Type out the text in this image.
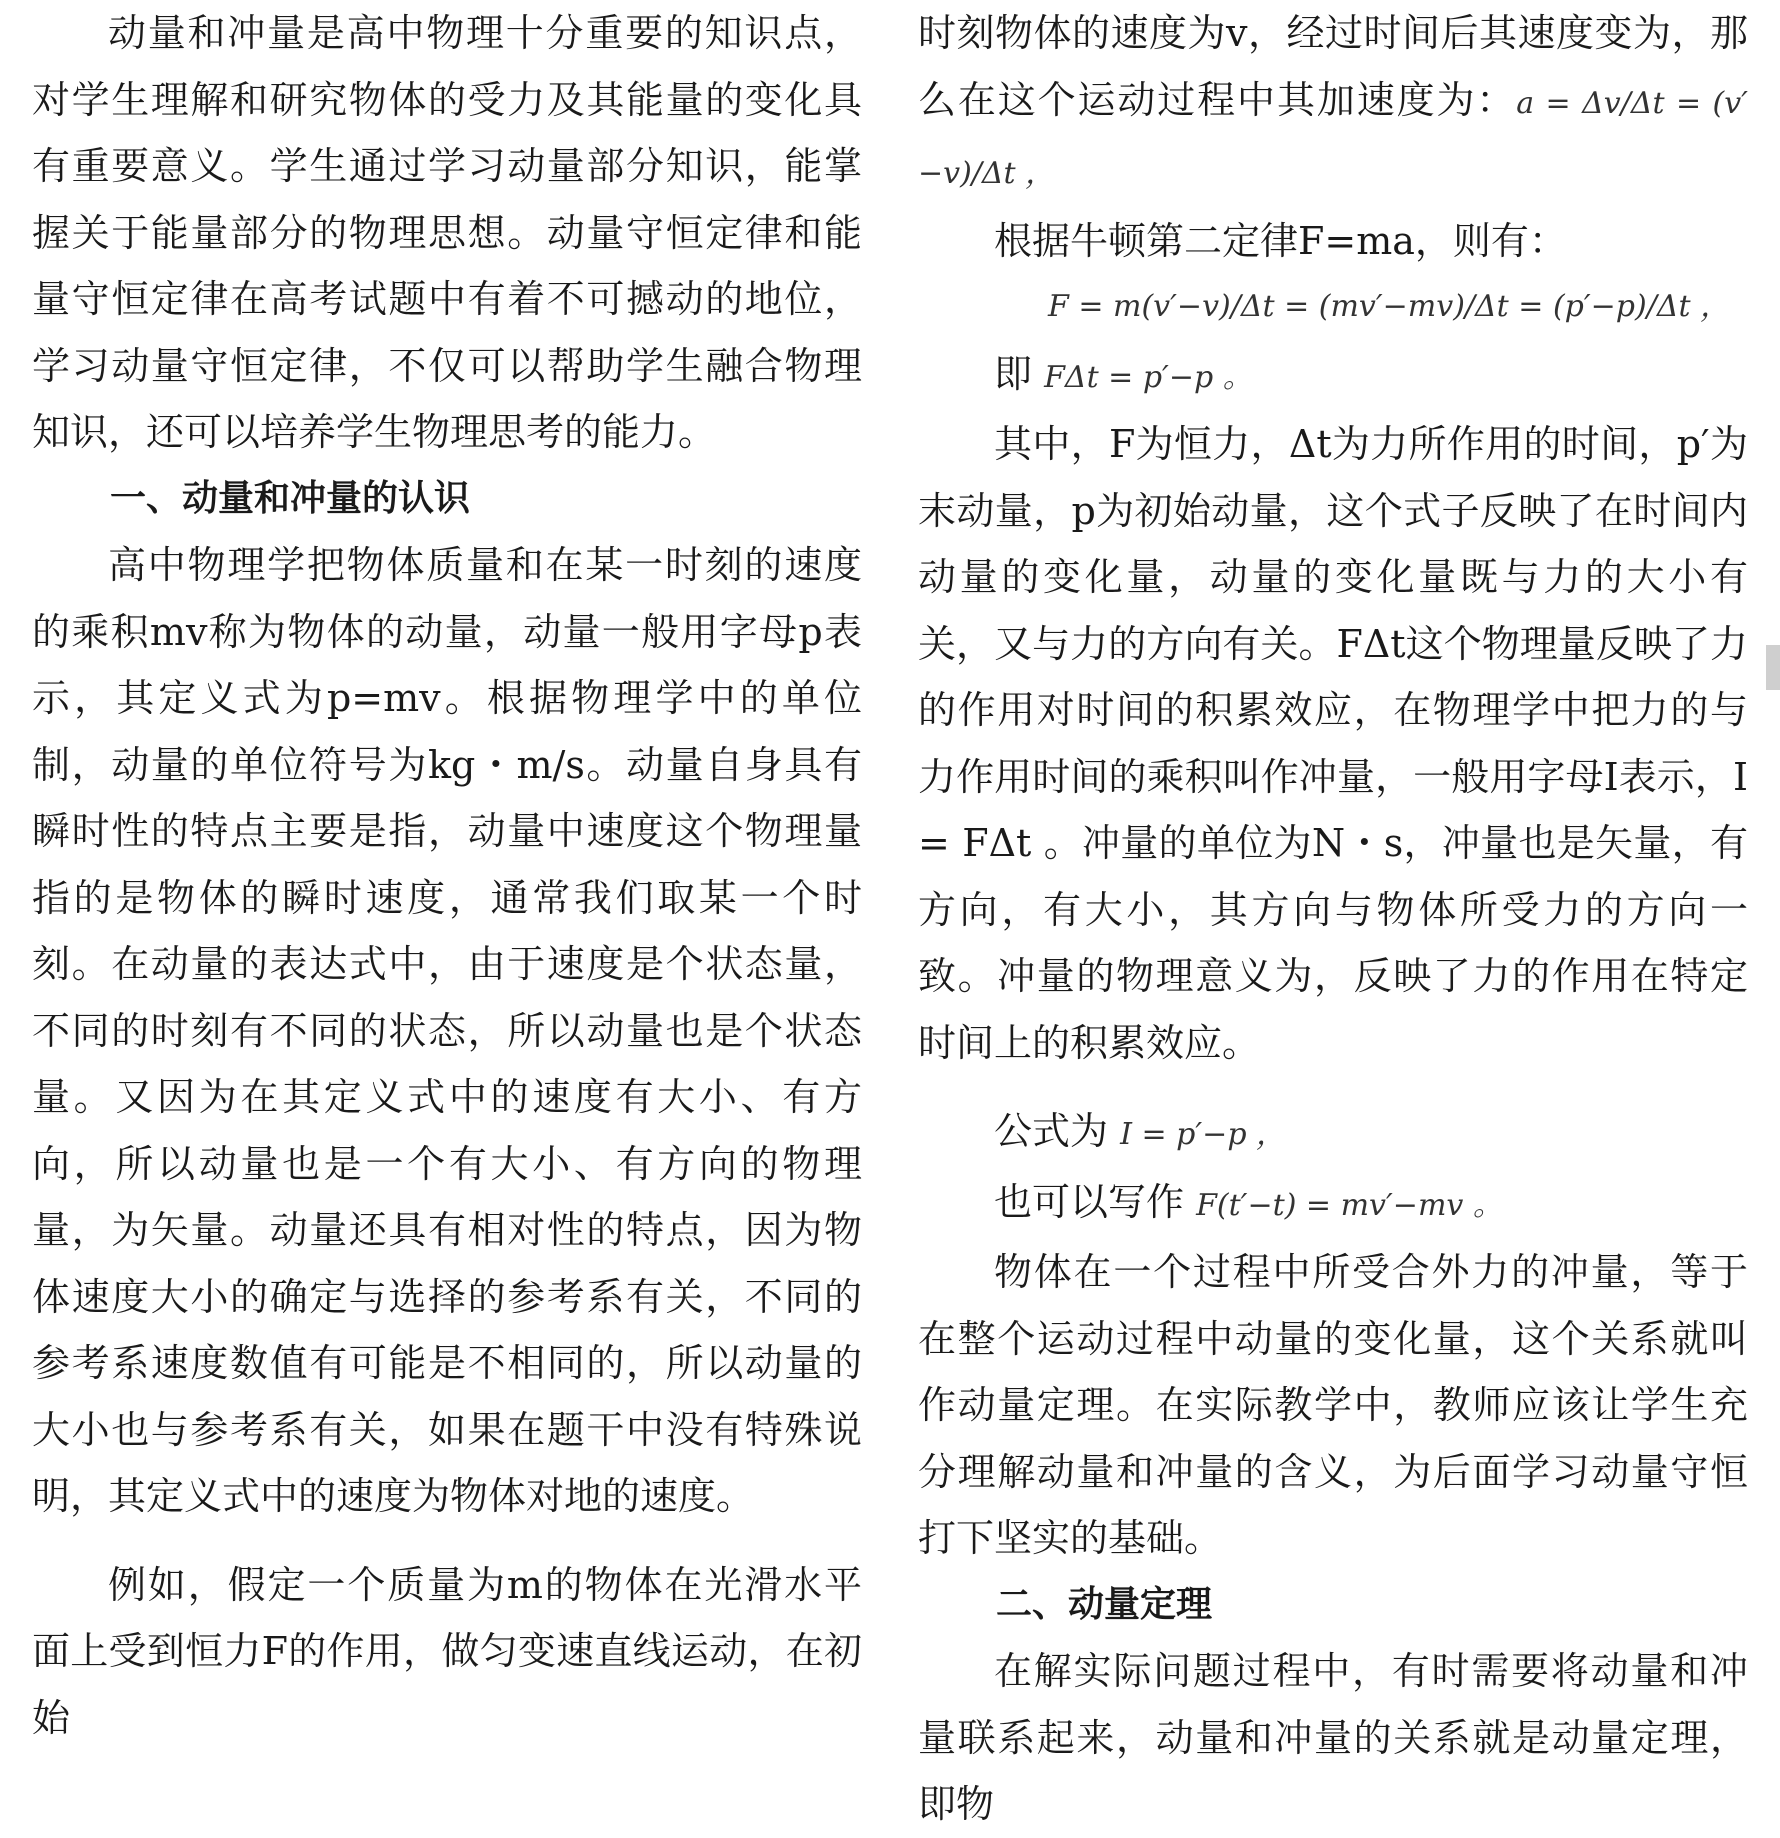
动量和冲量是高中物理十分重要的知识点，对学生理解和研究物体的受力及其能量的变化具有重要意义。学生通过学习动量部分知识，能掌握关于能量部分的物理思想。动量守恒定律和能量守恒定律在高考试题中有着不可撼动的地位，学习动量守恒定律，不仅可以帮助学生融合物理知识，还可以培养学生物理思考的能力。

一、动量和冲量的认识

高中物理学把物体质量和在某一时刻的速度的乘积mv称为物体的动量，动量一般用字母p表示，其定义式为p=mv。根据物理学中的单位制，动量的单位符号为kg・m/s。动量自身具有瞬时性的特点主要是指，动量中速度这个物理量指的是物体的瞬时速度，通常我们取某一个时刻。在动量的表达式中，由于速度是个状态量，不同的时刻有不同的状态，所以动量也是个状态量。又因为在其定义式中的速度有大小、有方向，所以动量也是一个有大小、有方向的物理量，为矢量。动量还具有相对性的特点，因为物体速度大小的确定与选择的参考系有关，不同的参考系速度数值有可能是不相同的，所以动量的大小也与参考系有关，如果在题干中没有特殊说明，其定义式中的速度为物体对地的速度。

例如，假定一个质量为m的物体在光滑水平面上受到恒力F的作用，做匀变速直线运动，在初始

时刻物体的速度为v，经过时间后其速度变为，那么在这个运动过程中其加速度为：a = Δv/Δt = (v′−v)/Δt ，

根据牛顿第二定律F=ma，则有：

F = m(v′−v)/Δt = (mv′−mv)/Δt = (p′−p)/Δt ，

即 FΔt = p′−p 。

其中，F为恒力，Δt为力所作用的时间，p′为末动量，p为初始动量，这个式子反映了在时间内动量的变化量，动量的变化量既与力的大小有关，又与力的方向有关。FΔt这个物理量反映了力的作用对时间的积累效应，在物理学中把力的与力作用时间的乘积叫作冲量，一般用字母I表示，I = FΔt 。冲量的单位为N・s，冲量也是矢量，有方向，有大小，其方向与物体所受力的方向一致。冲量的物理意义为，反映了力的作用在特定时间上的积累效应。

公式为 I = p′−p ，

也可以写作 F(t′−t) = mv′−mv 。

物体在一个过程中所受合外力的冲量，等于在整个运动过程中动量的变化量，这个关系就叫作动量定理。在实际教学中，教师应该让学生充分理解动量和冲量的含义，为后面学习动量守恒打下坚实的基础。

二、动量定理

在解实际问题过程中，有时需要将动量和冲量联系起来，动量和冲量的关系就是动量定理，即物
